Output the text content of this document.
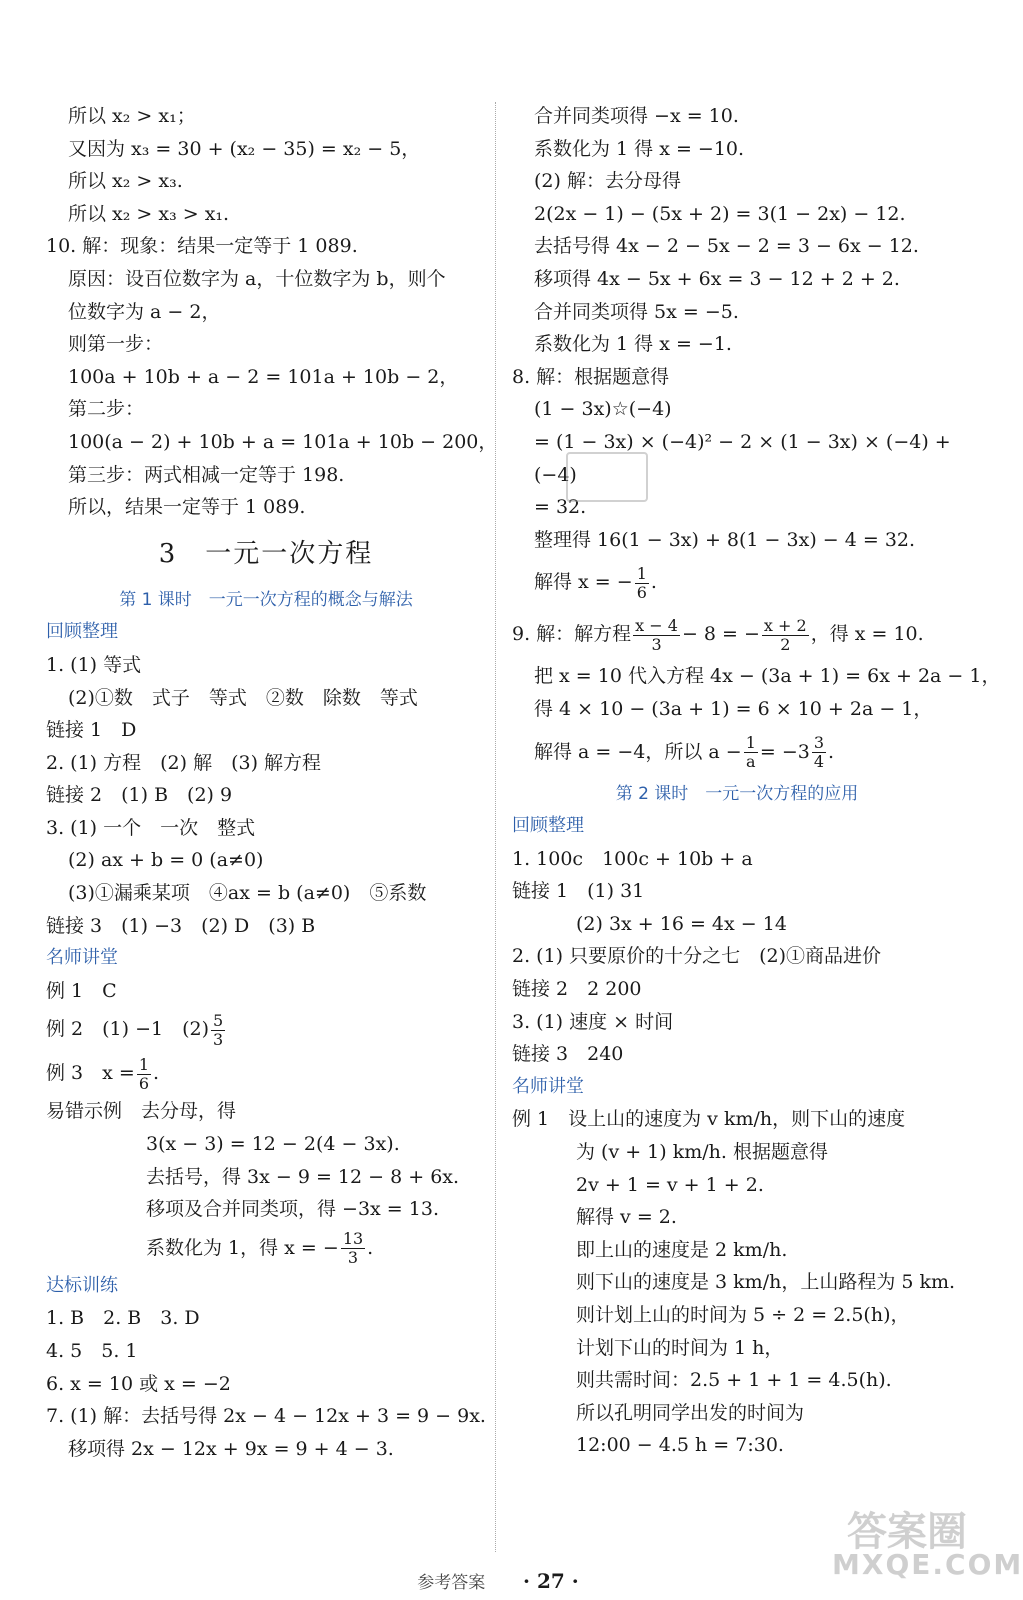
所以 x₂ > x₁；
又因为 x₃ = 30 + (x₂ − 35) = x₂ − 5，
所以 x₂ > x₃.
所以 x₂ > x₃ > x₁.
10. 解：现象：结果一定等于 1 089.
原因：设百位数字为 a，十位数字为 b，则个
位数字为 a − 2，
则第一步：
100a + 10b + a − 2 = 101a + 10b − 2，
第二步：
100(a − 2) + 10b + a = 101a + 10b − 200，
第三步：两式相减一定等于 198.
所以，结果一定等于 1 089.
3　一元一次方程
第 1 课时　一元一次方程的概念与解法
回顾整理
1. (1) 等式
(2)①数　式子　等式　②数　除数　等式
链接 1　D
2. (1) 方程　(2) 解　(3) 解方程
链接 2　(1) B　(2) 9
3. (1) 一个　一次　整式
(2) ax + b = 0 (a≠0)
(3)①漏乘某项　④ax = b (a≠0)　⑤系数
链接 3　(1) −3　(2) D　(3) B
名师讲堂
例 1　C
例 2　(1) −1　$(2) \frac{5}{3}$
例 3　$x = \frac{1}{6}$ .
易错示例　去分母，得
3(x − 3) = 12 − 2(4 − 3x).
去括号，得 3x − 9 = 12 − 8 + 6x.
移项及合并同类项，得 −3x = 13.
系数化为 1，得 x = − $\frac{13}{3}$ .
达标训练
1. B　2. B　3. D
4. 5　5. 1
6. x = 10 或 x = −2
7. (1) 解：去括号得 2x − 4 − 12x + 3 = 9 − 9x.
移项得 2x − 12x + 9x = 9 + 4 − 3.
合并同类项得 −x = 10.
系数化为 1 得 x = −10.
(2) 解：去分母得
2(2x − 1) − (5x + 2) = 3(1 − 2x) − 12.
去括号得 4x − 2 − 5x − 2 = 3 − 6x − 12.
移项得 4x − 5x + 6x = 3 − 12 + 2 + 2.
合并同类项得 5x = −5.
系数化为 1 得 x = −1.
8. 解：根据题意得
(1 − 3x)☆(−4)
= (1 − 3x) × (−4)² − 2 × (1 − 3x) × (−4) +
(−4)
= 32.
整理得 16(1 − 3x) + 8(1 − 3x) − 4 = 32.
解得 x = − $\frac{1}{6}$ .
9. 解：解方程 $\frac{x - 4}{3} - 8$ = − $\frac{x + 2}{2}$ ，得 x = 10.
把 x = 10 代入方程 4x − (3a + 1) = 6x + 2a − 1，
得 4 × 10 − (3a + 1) = 6 × 10 + 2a − 1，
解得 a = −4，所以 $a - \frac{1}{a} = -3 \frac{3}{4}$ .
第 2 课时　一元一次方程的应用
回顾整理
1. 100c　100c + 10b + a
链接 1　(1) 31
(2) 3x + 16 = 4x − 14
2. (1) 只要原价的十分之七　(2)①商品进价
链接 2　2 200
3. (1) 速度 × 时间
链接 3　240
名师讲堂
例 1　设上山的速度为 v km/h，则下山的速度
为 (v + 1) km/h. 根据题意得
2v + 1 = v + 1 + 2.
解得 v = 2.
即上山的速度是 2 km/h.
则下山的速度是 3 km/h，上山路程为 5 km.
则计划上山的时间为 5 ÷ 2 = 2.5(h)，
计划下山的时间为 1 h，
则共需时间：2.5 + 1 + 1 = 4.5(h).
所以孔明同学出发的时间为
12:00 − 4.5 h = 7:30.
答案圈
MXQE.COM
参考答案 · 27 ·
